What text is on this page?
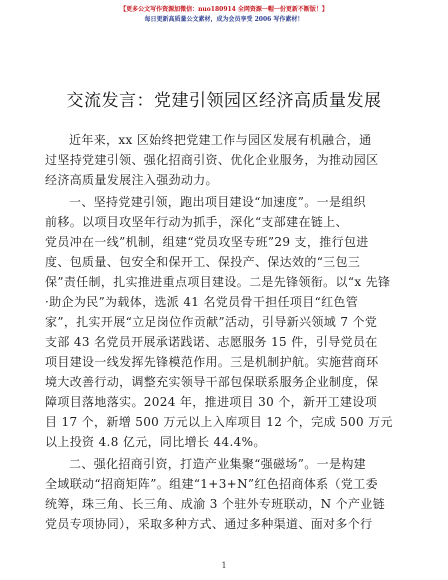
【更多公文写作资源加微信：nuo180914 全网资源一帽一份更新不断版！】
每日更新高质量公文素材，成为会员享受 2006 写作素材！
交流发言：党建引领园区经济高质量发展
近年来，xx 区始终把党建工作与园区发展有机融合，通
过坚持党建引领、强化招商引资、优化企业服务，为推动园区
经济高质量发展注入强劲动力。
一、坚持党建引领，跑出项目建设“加速度”。一是组织
前移。以项目攻坚年行动为抓手，深化“支部建在链上、
党员冲在一线”机制，组建“党员攻坚专班”29 支，推行包进
度、包质量、包安全和保开工、保投产、保达效的“三包三
保”责任制，扎实推进重点项目建设。二是先锋领衔。以“x 先锋
·助企为民”为载体，选派 41 名党员骨干担任项目“红色管
家”，扎实开展“立足岗位作贡献”活动，引导新兴领域 7 个党
支部 43 名党员开展承诺践诺、志愿服务 15 件，引导党员在
项目建设一线发挥先锋模范作用。三是机制护航。实施营商环
境大改善行动，调整充实领导干部包保联系服务企业制度，保
障项目落地落实。2024 年，推进项目 30 个，新开工建设项
目 17 个，新增 500 万元以上入库项目 12 个，完成 500 万元
以上投资 4.8 亿元，同比增长 44.4%。
二、强化招商引资，打造产业集聚“强磁场”。一是构建
全域联动“招商矩阵”。组建“1+3+N”红色招商体系（党工委
统筹，珠三角、长三角、成渝 3 个驻外专班联动，N 个产业链
党员专项协同），采取多种方式、通过多种渠道、面对多个行
1
